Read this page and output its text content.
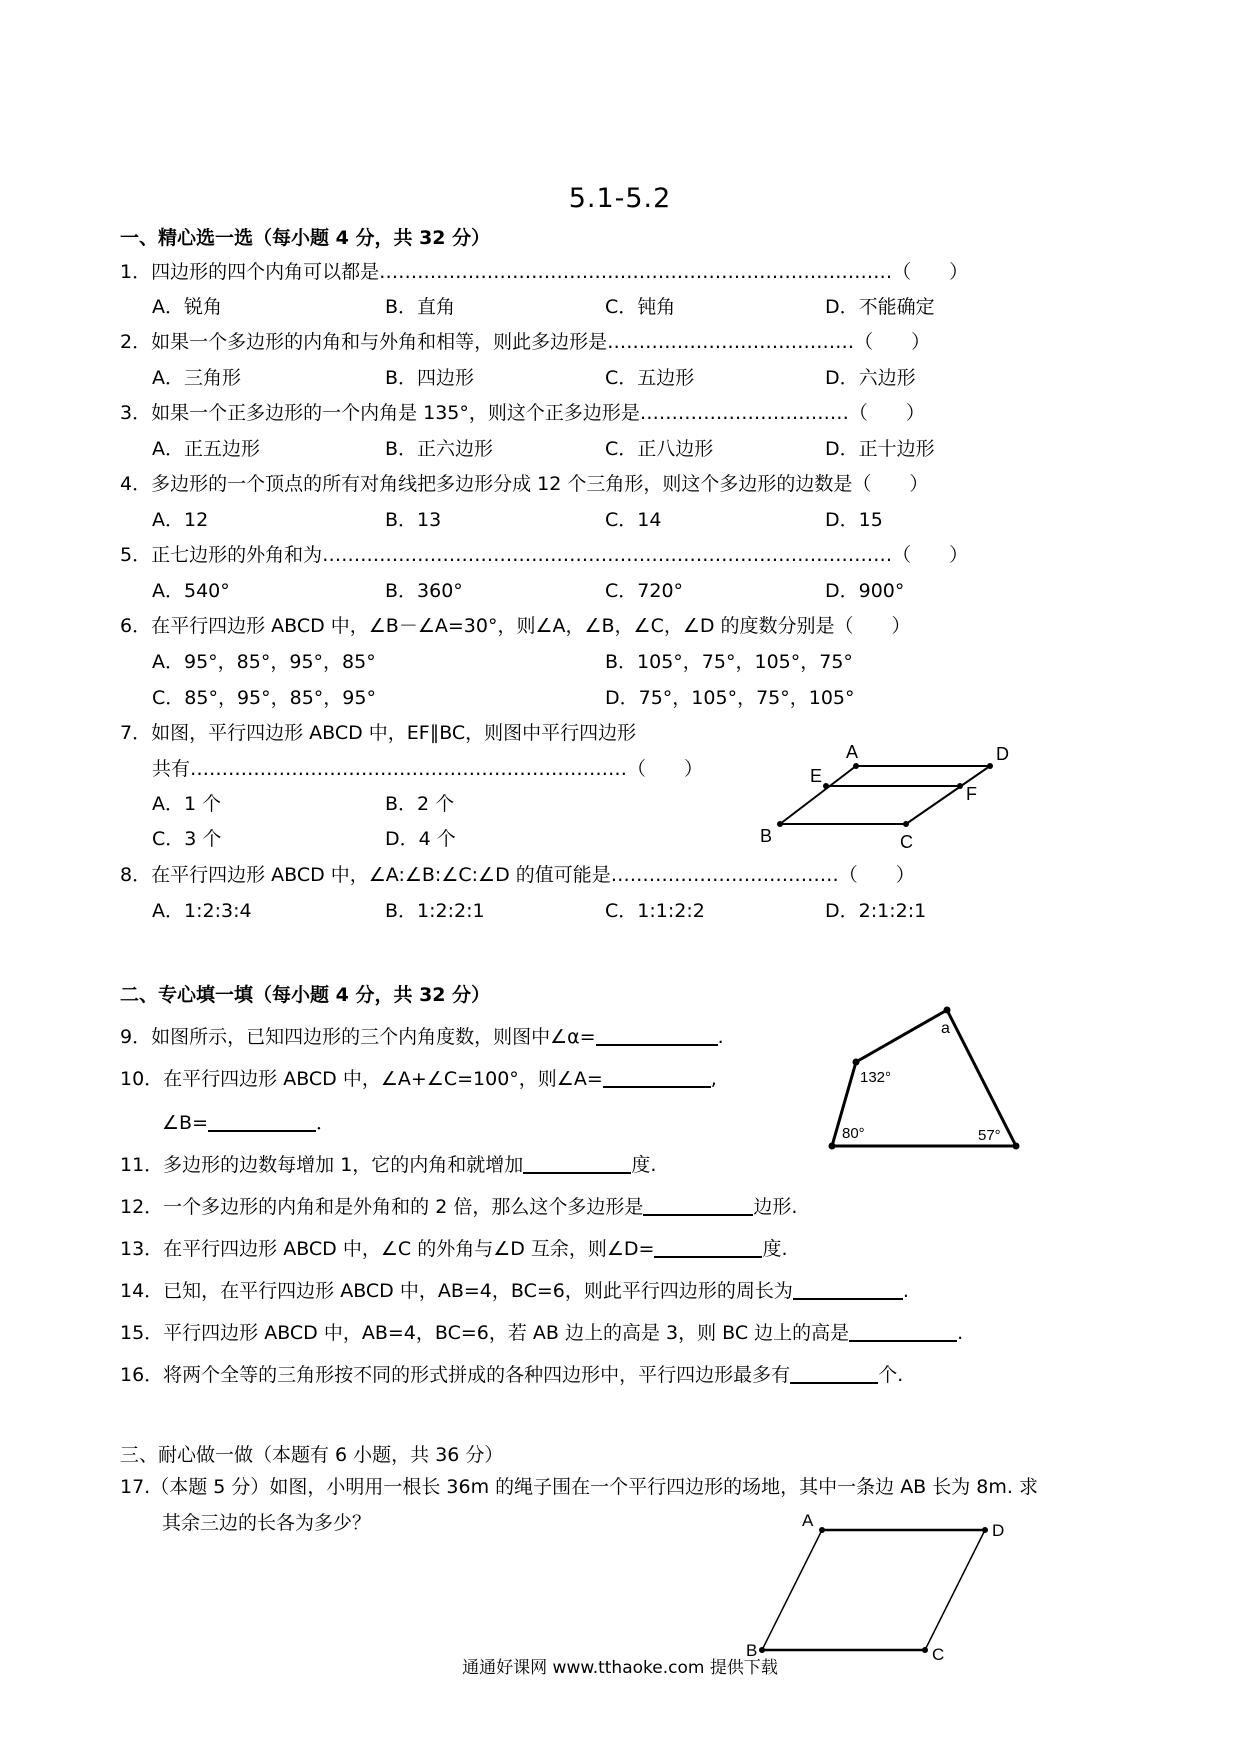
5.1-5.2
一、精心选一选（每小题 4 分，共 32 分）
1．四边形的四个内角可以都是………………………………………………………………………（　　）
A．锐角	B．直角	C．钝角	D．不能确定
2．如果一个多边形的内角和与外角和相等，则此多边形是…………………………………（　　）
A．三角形	B．四边形	C．五边形	D．六边形
3．如果一个正多边形的一个内角是 135°，则这个正多边形是……………………………（　　）
A．正五边形	B．正六边形	C．正八边形	D．正十边形
4．多边形的一个顶点的所有对角线把多边形分成 12 个三角形，则这个多边形的边数是（　　）
A．12	B．13	C．14	D．15
5．正七边形的外角和为………………………………………………………………………………（　　）
A．540°	B．360°	C．720°	D．900°
6．在平行四边形 ABCD 中，∠B－∠A=30°，则∠A，∠B，∠C，∠D 的度数分别是（　　）
A．95°，85°，95°，85°	B．105°，75°，105°，75°
C．85°，95°，85°，95°	D．75°，105°，75°，105°
7．如图，平行四边形 ABCD 中，EF∥BC，则图中平行四边形
共有……………………………………………………………（　　）
A．1 个	B．2 个
C．3 个	D．4 个
A	D
E
F
B	C
8．在平行四边形 ABCD 中，∠A:∠B:∠C:∠D 的值可能是………………………………（　　）
A．1:2:3:4	B．1:2:2:1	C．1:1:2:2	D．2:1:2:1
二、专心填一填（每小题 4 分，共 32 分）
9．如图所示，已知四边形的三个内角度数，则图中∠α=	.
10．在平行四边形 ABCD 中，∠A+∠C=100°，则∠A=	,
∠B=	．
a
132°
80°	57°
11．多边形的边数每增加 1，它的内角和就增加	度.
12．一个多边形的内角和是外角和的 2 倍，那么这个多边形是	边形.
13．在平行四边形 ABCD 中，∠C 的外角与∠D 互余，则∠D=	度.
14．已知，在平行四边形 ABCD 中，AB=4，BC=6，则此平行四边形的周长为	.
15．平行四边形 ABCD 中，AB=4，BC=6，若 AB 边上的高是 3，则 BC 边上的高是	.
16．将两个全等的三角形按不同的形式拼成的各种四边形中，平行四边形最多有	个.
三、耐心做一做（本题有 6 小题，共 36 分）
17.（本题 5 分）如图，小明用一根长 36m 的绳子围在一个平行四边形的场地，其中一条边 AB 长为 8m. 求
其余三边的长各为多少？	A
D
B	C
通通好课网 www.tthaoke.com 提供下载
